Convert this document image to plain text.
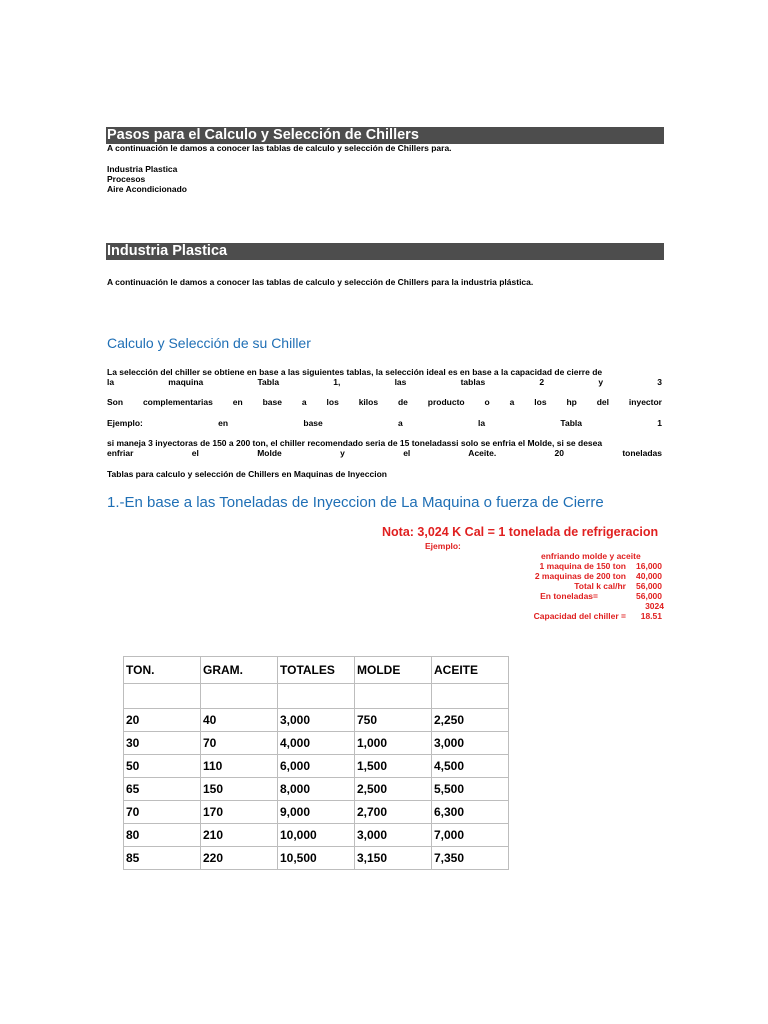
Pasos para el Calculo y Selección de Chillers
A continuación le damos a conocer las tablas de calculo y selección de Chillers para.
Industria Plastica
Procesos
Aire Acondicionado
Industria Plastica
A continuación le damos a conocer las tablas de calculo y selección de Chillers para la industria plástica.
Calculo y Selección de su Chiller
La selección del chiller se obtiene en base a las siguientes tablas, la selección ideal es en base a la capacidad de cierre de
la maquina Tabla 1, las tablas 2 y 3
Son complementarias en base a los kilos de producto o a los hp del inyector
Ejemplo: en base a la Tabla 1
si maneja 3 inyectoras de 150 a 200 ton, el chiller recomendado seria de 15 toneladassi solo se enfria el Molde, si se desea
enfriar el Molde y el Aceite. 20 toneladas
Tablas para calculo y selección de Chillers en Maquinas de Inyeccion
1.-En base a las Toneladas de Inyeccion de La Maquina o fuerza de Cierre
Nota: 3,024 K Cal = 1 tonelada de refrigeracion
Ejemplo:
enfriando molde y aceite
1 maquina de 150 ton 16,000
2 maquinas de 200 ton 40,000
Total k cal/hr 56,000
En toneladas=	56,000
3024
Capacidad del chiller = 18.51
TON.	GRAM.	TOTALES	MOLDE	ACEITE

20	40	3,000	750	2,250
30	70	4,000	1,000	3,000
50	110	6,000	1,500	4,500
65	150	8,000	2,500	5,500
70	170	9,000	2,700	6,300
80	210	10,000	3,000	7,000
85	220	10,500	3,150	7,350
